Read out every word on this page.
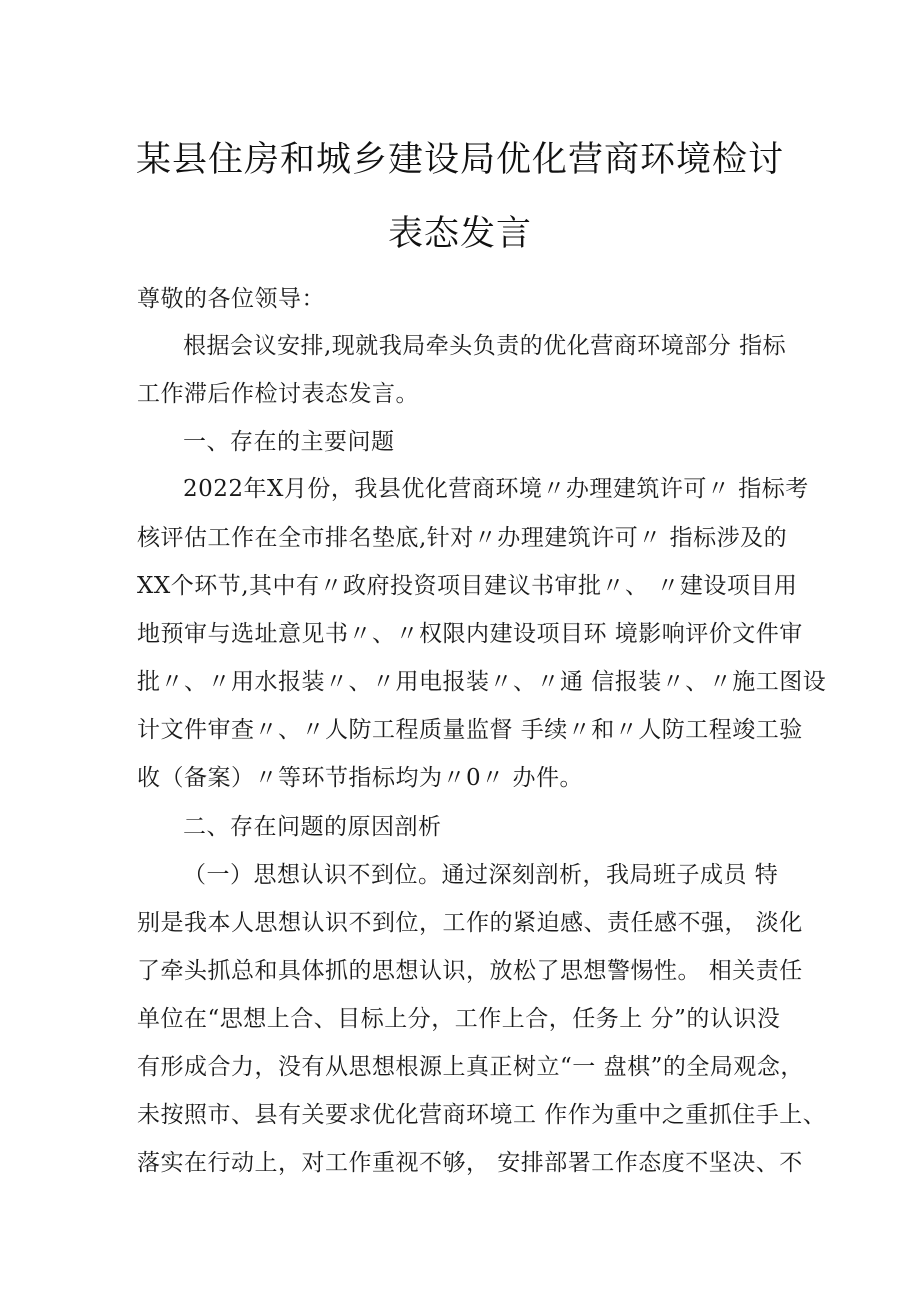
某县住房和城乡建设局优化营商环境检讨
表态发言
尊敬的各位领导：
根据会议安排,现就我局牵头负责的优化营商环境部分 指标
工作滞后作检讨表态发言。
一、存在的主要问题
2022年X月份，我县优化营商环境〃办理建筑许可〃 指标考
核评估工作在全市排名垫底,针对〃办理建筑许可〃 指标涉及的
XX个环节,其中有〃政府投资项目建议书审批〃、 〃建设项目用
地预审与选址意见书〃、〃权限内建设项目环 境影响评价文件审
批〃、〃用水报装〃、〃用电报装〃、〃通 信报装〃、〃施工图设
计文件审查〃、〃人防工程质量监督 手续〃和〃人防工程竣工验
收（备案）〃等环节指标均为〃0〃 办件。
二、存在问题的原因剖析
（一）思想认识不到位。通过深刻剖析，我局班子成员 特
别是我本人思想认识不到位，工作的紧迫感、责任感不强， 淡化
了牵头抓总和具体抓的思想认识，放松了思想警惕性。 相关责任
单位在“思想上合、目标上分，工作上合，任务上 分”的认识没
有形成合力，没有从思想根源上真正树立“一 盘棋”的全局观念，
未按照市、县有关要求优化营商环境工 作作为重中之重抓住手上、
落实在行动上，对工作重视不够， 安排部署工作态度不坚决、不
